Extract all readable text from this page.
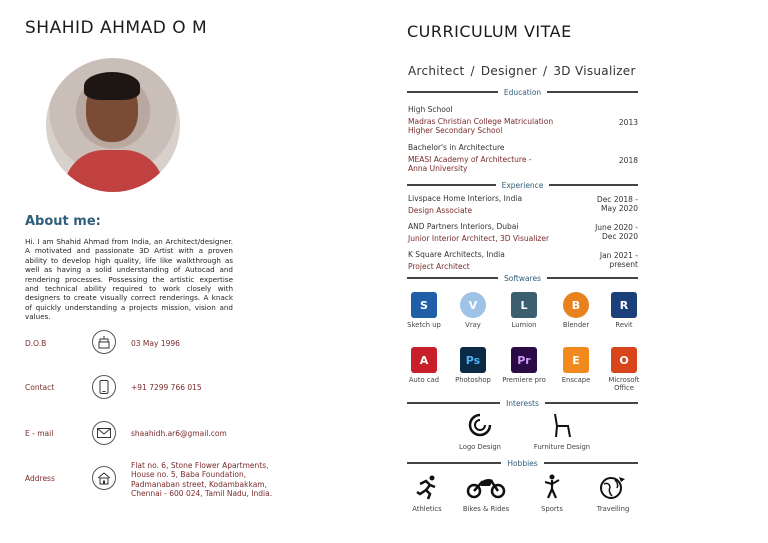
SHAHID AHMAD O M
About me:
Hi. I am Shahid Ahmad from India, an Architect/designer. A motivated and passionate 3D Artist with a proven ability to develop high quality, life like walkthrough as well as having a solid understanding of Autocad and rendering processes. Possessing the artistic expertise and technical ability required to work closely with designers to create visually correct renderings. A knack of quickly understanding a projects mission, vision and values.
D.O.B	03 May 1996
Contact	+91 7299 766 015
E - mail	shaahidh.ar6@gmail.com
Address
Flat no. 6, Stone Flower Apartments,
House no. 5, Baba Foundation,
Padmanaban street, Kodambakkam,
Chennai - 600 024, Tamil Nadu, India.
CURRICULUM VITAE
Architect / Designer / 3D Visualizer
Education
High School
Madras Christian College Matriculation
Higher Secondary School
2013
Bachelor's in Architecture
MEASI Academy of Architecture -
Anna University
2018
Experience
Livspace Home Interiors, India
Design Associate
Dec 2018 -
May 2020
AND Partners Interiors, Dubai
Junior Interior Architect, 3D Visualizer
June 2020 -
Dec 2020
K Square Architects, India
Project Architect
Jan 2021 -
present
Softwares
S
Sketch up
V
Vray
L
Lumion
B
Blender
R
Revit
A
Auto cad
Ps
Photoshop
Pr
Premiere pro
E
Enscape
O
Microsoft Office
Interests
Logo Design	Furniture Design
Hobbies
Athletics	Bikes & Rides	Sports	Travelling
